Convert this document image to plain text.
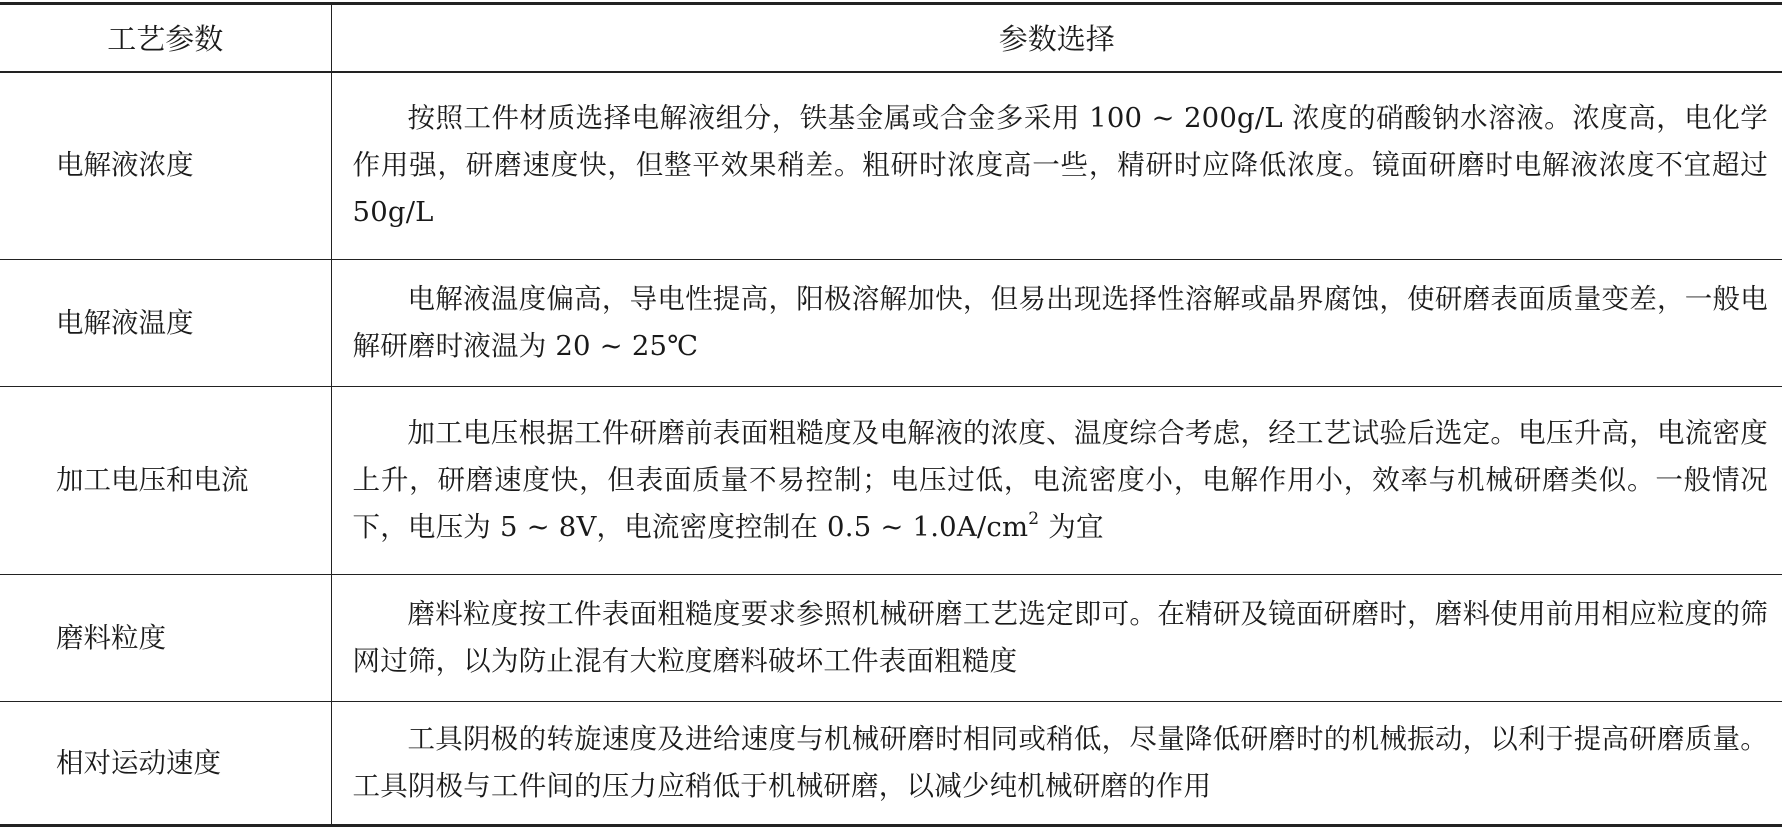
工艺参数	参数选择
电解液浓度	按照工件材质选择电解液组分，铁基金属或合金多采用 100 ~ 200g/L 浓度的硝酸钠水溶液。浓度高，电化学作用强，研磨速度快，但整平效果稍差。粗研时浓度高一些，精研时应降低浓度。镜面研磨时电解液浓度不宜超过 50g/L
电解液温度	电解液温度偏高，导电性提高，阳极溶解加快，但易出现选择性溶解或晶界腐蚀，使研磨表面质量变差，一般电解研磨时液温为 20 ~ 25℃
加工电压和电流	加工电压根据工件研磨前表面粗糙度及电解液的浓度、温度综合考虑，经工艺试验后选定。电压升高，电流密度上升，研磨速度快，但表面质量不易控制；电压过低，电流密度小，电解作用小，效率与机械研磨类似。一般情况下，电压为 5 ~ 8V，电流密度控制在 0.5 ~ $1.0A/cm^2$ 为宜
磨料粒度	磨料粒度按工件表面粗糙度要求参照机械研磨工艺选定即可。在精研及镜面研磨时，磨料使用前用相应粒度的筛网过筛，以为防止混有大粒度磨料破坏工件表面粗糙度
相对运动速度	工具阴极的转旋速度及进给速度与机械研磨时相同或稍低，尽量降低研磨时的机械振动，以利于提高研磨质量。工具阴极与工件间的压力应稍低于机械研磨，以减少纯机械研磨的作用
